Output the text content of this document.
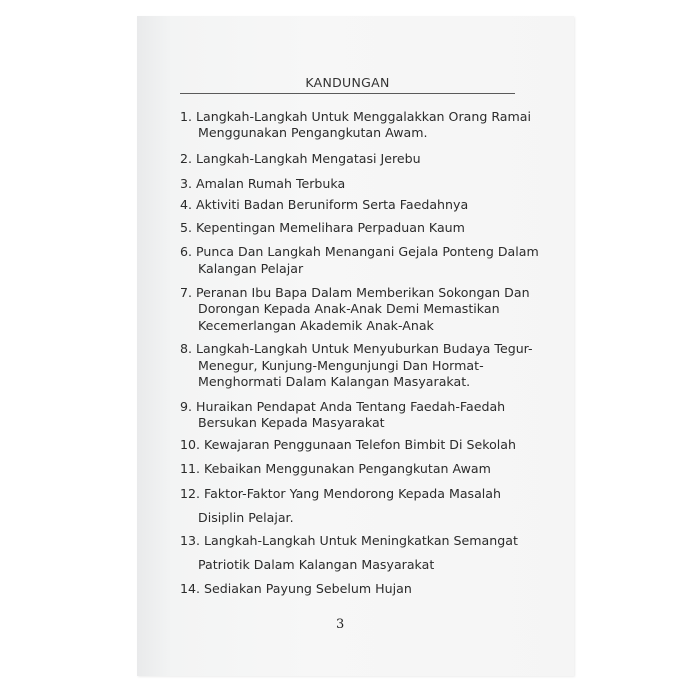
KANDUNGAN
1. Langkah-Langkah Untuk Menggalakkan Orang Ramai
Menggunakan Pengangkutan Awam.
2. Langkah-Langkah Mengatasi Jerebu
3. Amalan Rumah Terbuka
4. Aktiviti Badan Beruniform Serta Faedahnya
5. Kepentingan Memelihara Perpaduan Kaum
6. Punca Dan Langkah Menangani Gejala Ponteng Dalam
Kalangan Pelajar
7. Peranan Ibu Bapa Dalam Memberikan Sokongan Dan
Dorongan Kepada Anak-Anak Demi Memastikan
Kecemerlangan Akademik Anak-Anak
8. Langkah-Langkah Untuk Menyuburkan Budaya Tegur-
Menegur, Kunjung-Mengunjungi Dan Hormat-
Menghormati Dalam Kalangan Masyarakat.
9. Huraikan Pendapat Anda Tentang Faedah-Faedah
Bersukan Kepada Masyarakat
10. Kewajaran Penggunaan Telefon Bimbit Di Sekolah
11. Kebaikan Menggunakan Pengangkutan Awam
12. Faktor-Faktor Yang Mendorong Kepada Masalah
Disiplin Pelajar.
13. Langkah-Langkah Untuk Meningkatkan Semangat
Patriotik Dalam Kalangan Masyarakat
14. Sediakan Payung Sebelum Hujan
3
